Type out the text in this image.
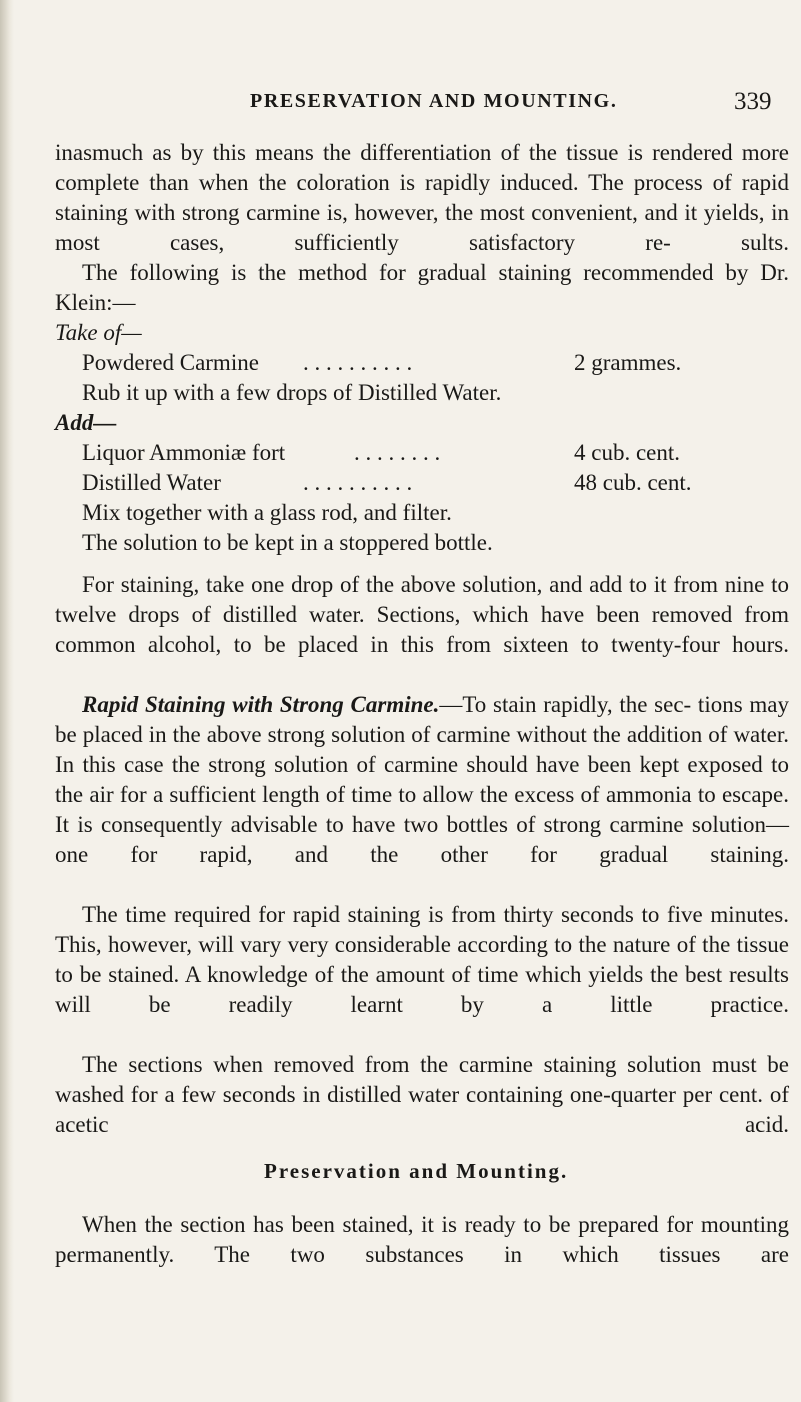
PRESERVATION AND MOUNTING.	339

inasmuch as by this means the differentiation of the tissue is rendered more complete than when the coloration is rapidly induced. The process of rapid staining with strong carmine is, however, the most convenient, and it yields, in most cases, sufficiently satisfactory re- sults.

The following is the method for gradual staining recommended by Dr. Klein:—

Take of—
Powdered Carmine . . . . . . . . . .	2 grammes.
Rub it up with a few drops of Distilled Water.
Add—
Liquor Ammoniæ fort	. . . . . . . .	4 cub. cent.
Distilled Water	. . . . . . . . . .	48 cub. cent.
Mix together with a glass rod, and filter.
The solution to be kept in a stoppered bottle.

For staining, take one drop of the above solution, and add to it from nine to twelve drops of distilled water. Sections, which have been removed from common alcohol, to be placed in this from sixteen to twenty-four hours.

Rapid Staining with Strong Carmine.—To stain rapidly, the sec- tions may be placed in the above strong solution of carmine without the addition of water. In this case the strong solution of carmine should have been kept exposed to the air for a sufficient length of time to allow the excess of ammonia to escape. It is consequently advisable to have two bottles of strong carmine solution—one for rapid, and the other for gradual staining.

The time required for rapid staining is from thirty seconds to five minutes. This, however, will vary very considerable according to the nature of the tissue to be stained. A knowledge of the amount of time which yields the best results will be readily learnt by a little practice.

The sections when removed from the carmine staining solution must be washed for a few seconds in distilled water containing one-quarter per cent. of acetic acid.

Preservation and Mounting.

When the section has been stained, it is ready to be prepared for mounting permanently. The two substances in which tissues are
